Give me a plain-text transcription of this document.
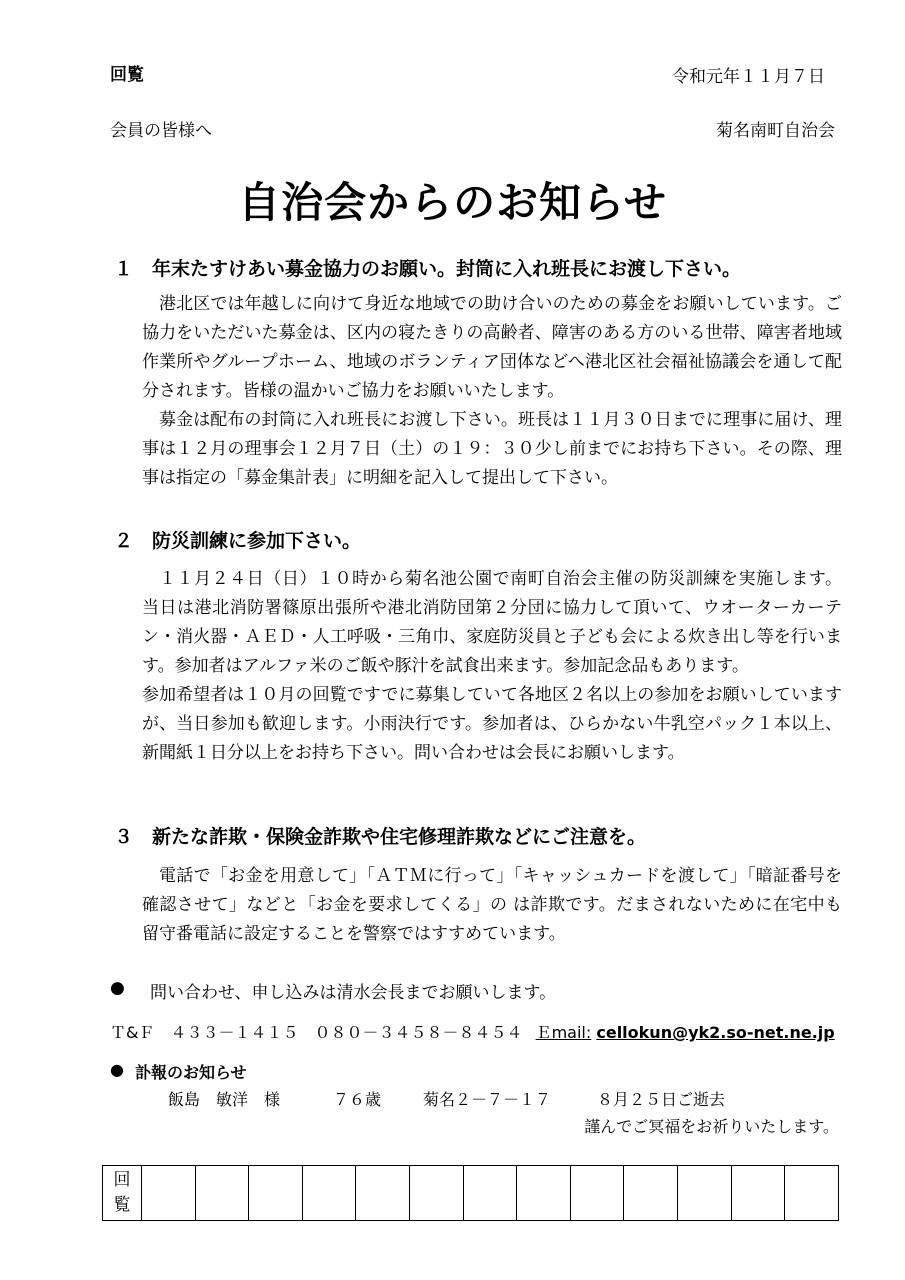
回覧	令和元年１１月７日
会員の皆様へ	菊名南町自治会
自治会からのお知らせ
１　年末たすけあい募金協力のお願い。封筒に入れ班長にお渡し下さい。

港北区では年越しに向けて身近な地域での助け合いのための募金をお願いしています。ご協力をいただいた募金は、区内の寝たきりの高齢者、障害のある方のいる世帯、障害者地域作業所やグループホーム、地域のボランティア団体などへ港北区社会福祉協議会を通して配分されます。皆様の温かいご協力をお願いいたします。

募金は配布の封筒に入れ班長にお渡し下さい。班長は１１月３０日までに理事に届け、理事は１２月の理事会１２月７日（土）の１９：３０少し前までにお持ち下さい。その際、理事は指定の「募金集計表」に明細を記入して提出して下さい。

２　防災訓練に参加下さい。

１１月２４日（日）１０時から菊名池公園で南町自治会主催の防災訓練を実施します。 当日は港北消防署篠原出張所や港北消防団第２分団に協力して頂いて、ウオーターカーテン・消火器・ＡＥＤ・人工呼吸・三角巾、家庭防災員と子ども会による炊き出し等を行います。参加者はアルファ米のご飯や豚汁を試食出来ます。参加記念品もあります。

参加希望者は１０月の回覧ですでに募集していて各地区２名以上の参加をお願いしていますが、当日参加も歓迎します。小雨決行です。参加者は、ひらかない牛乳空パック１本以上、新聞紙１日分以上をお持ち下さい。問い合わせは会長にお願いします。

３　新たな詐欺・保険金詐欺や住宅修理詐欺などにご注意を。

電話で「お金を用意して」「ＡＴＭに行って」「キャッシュカードを渡して」「暗証番号を確認させて」などと「お金を要求してくる」の は詐欺です。だまされないために在宅中も留守番電話に設定することを警察ではすすめています。

● 問い合わせ、申し込みは清水会長までお願いします。
Ｔ&Ｆ　４３３－１４１５　０８０－３４５８－８４５４ Ｅmail: cellokun@yk2.so-net.ne.jp
● 訃報のお知らせ
飯島　敏洋　様	７６歳	菊名２－７－１７	８月２５日ご逝去
謹んでご冥福をお祈りいたします。
回
覧
